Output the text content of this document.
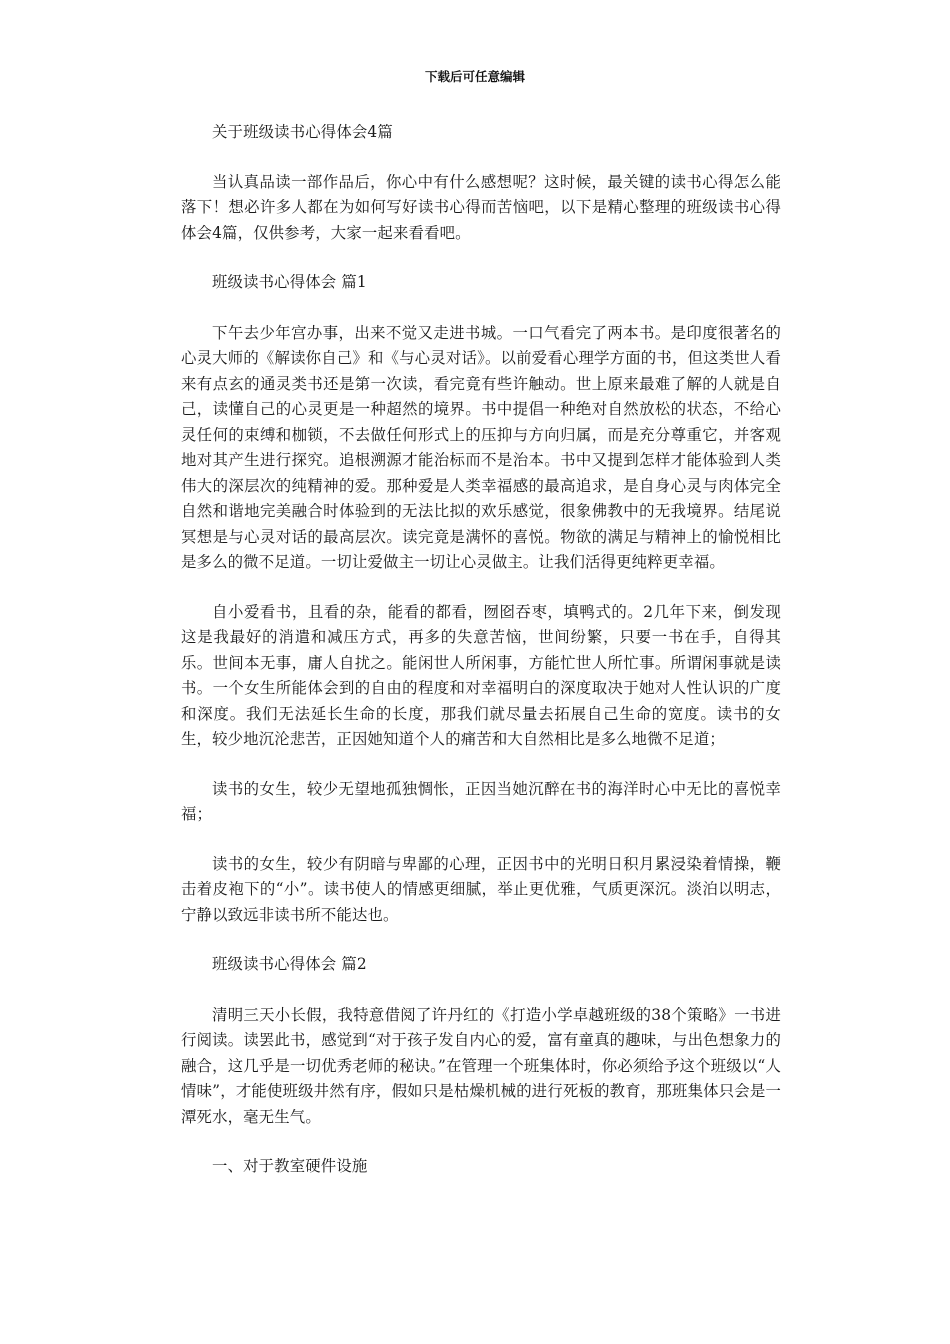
下载后可任意编辑

关于班级读书心得体会4篇

当认真品读一部作品后，你心中有什么感想呢？这时候，最关键的读书心得怎么能落下！想必许多人都在为如何写好读书心得而苦恼吧，以下是精心整理的班级读书心得体会4篇，仅供参考，大家一起来看看吧。

班级读书心得体会 篇1

下午去少年宫办事，出来不觉又走进书城。一口气看完了两本书。是印度很著名的心灵大师的《解读你自己》和《与心灵对话》。以前爱看心理学方面的书，但这类世人看来有点玄的通灵类书还是第一次读，看完竟有些许触动。世上原来最难了解的人就是自己，读懂自己的心灵更是一种超然的境界。书中提倡一种绝对自然放松的状态，不给心灵任何的束缚和枷锁，不去做任何形式上的压抑与方向归属，而是充分尊重它，并客观地对其产生进行探究。追根溯源才能治标而不是治本。书中又提到怎样才能体验到人类伟大的深层次的纯精神的爱。那种爱是人类幸福感的最高追求，是自身心灵与肉体完全自然和谐地完美融合时体验到的无法比拟的欢乐感觉，很象佛教中的无我境界。结尾说冥想是与心灵对话的最高层次。读完竟是满怀的喜悦。物欲的满足与精神上的愉悦相比是多么的微不足道。一切让爱做主一切让心灵做主。让我们活得更纯粹更幸福。

自小爱看书，且看的杂，能看的都看，囫囵吞枣，填鸭式的。2几年下来，倒发现这是我最好的消遣和减压方式，再多的失意苦恼，世间纷繁，只要一书在手，自得其乐。世间本无事，庸人自扰之。能闲世人所闲事，方能忙世人所忙事。所谓闲事就是读书。一个女生所能体会到的自由的程度和对幸福明白的深度取决于她对人性认识的广度和深度。我们无法延长生命的长度，那我们就尽量去拓展自己生命的宽度。读书的女生，较少地沉沦悲苦，正因她知道个人的痛苦和大自然相比是多么地微不足道；

读书的女生，较少无望地孤独惆怅，正因当她沉醉在书的海洋时心中无比的喜悦幸福；

读书的女生，较少有阴暗与卑鄙的心理，正因书中的光明日积月累浸染着情操，鞭击着皮袍下的“小”。读书使人的情感更细腻，举止更优雅，气质更深沉。淡泊以明志，宁静以致远非读书所不能达也。

班级读书心得体会 篇2

清明三天小长假，我特意借阅了许丹红的《打造小学卓越班级的38个策略》一书进行阅读。读罢此书，感觉到“对于孩子发自内心的爱，富有童真的趣味，与出色想象力的融合，这几乎是一切优秀老师的秘诀。”在管理一个班集体时，你必须给予这个班级以“人情味”，才能使班级井然有序，假如只是枯燥机械的进行死板的教育，那班集体只会是一潭死水，毫无生气。

一、对于教室硬件设施
